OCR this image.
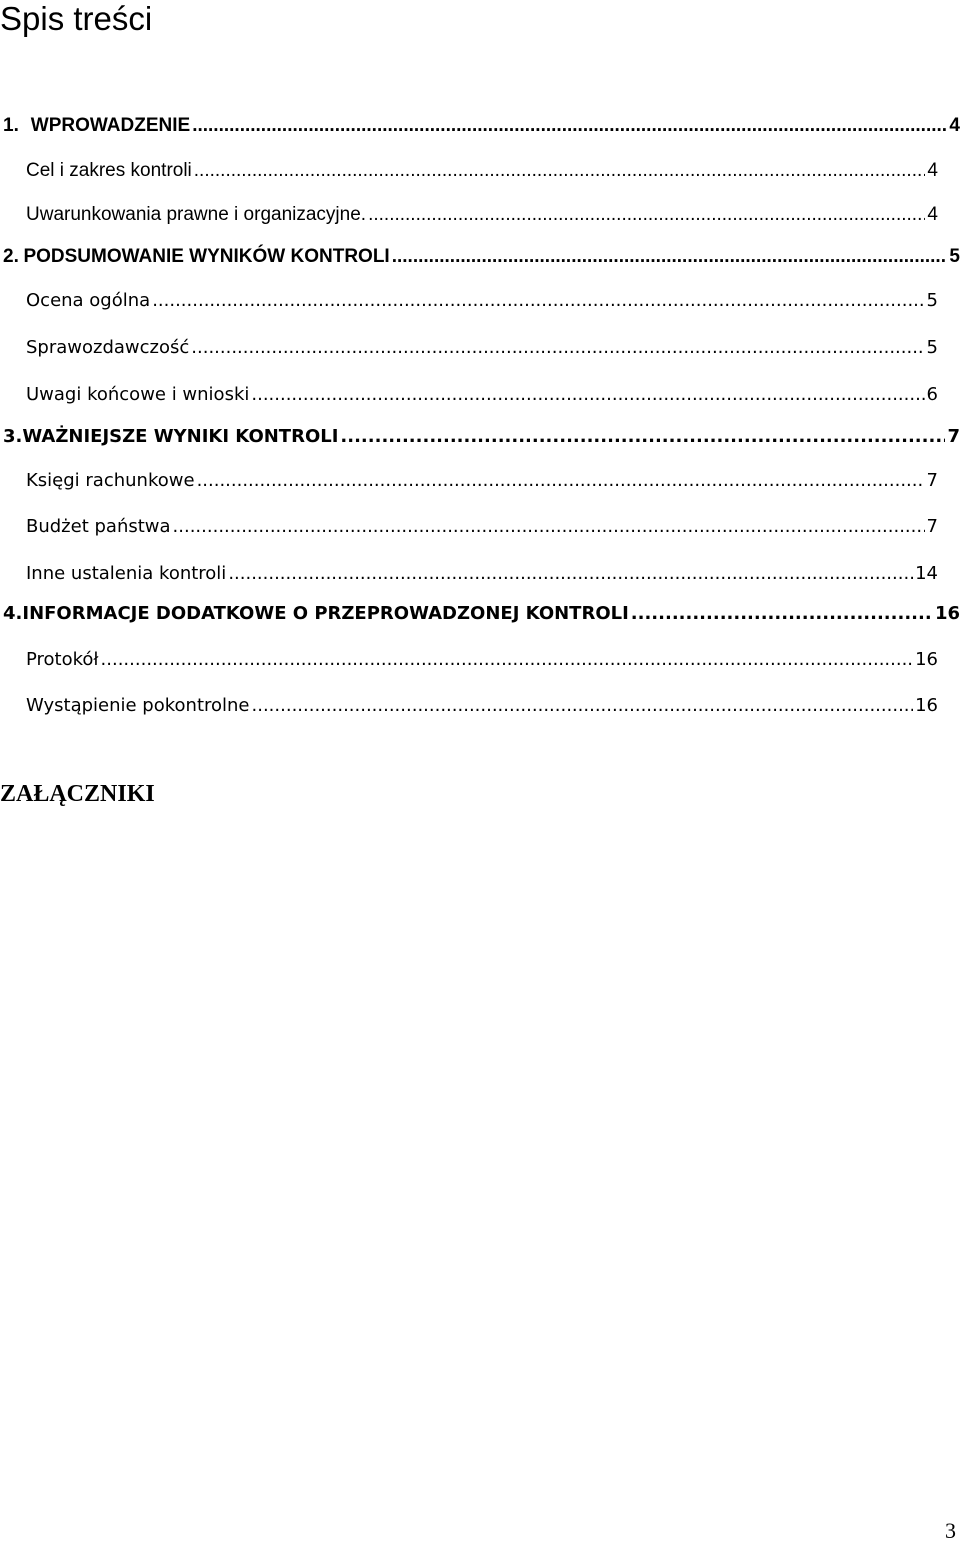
Spis treści
1. WPROWADZENIE .....	4
Cel i zakres kontroli .....	4
Uwarunkowania prawne i organizacyjne. .....	4
2. PODSUMOWANIE WYNIKÓW KONTROLI .....	5
Ocena ogólna .....	5
Sprawozdawczość .....	5
Uwagi końcowe i wnioski .....	6
3. WAŻNIEJSZE WYNIKI KONTROLI .....	7
Księgi rachunkowe .....	7
Budżet państwa .....	7
Inne ustalenia kontroli .....	14
4. INFORMACJE DODATKOWE O PRZEPROWADZONEJ KONTROLI .....	16
Protokół .....	16
Wystąpienie pokontrolne .....	16
ZAŁĄCZNIKI
3
